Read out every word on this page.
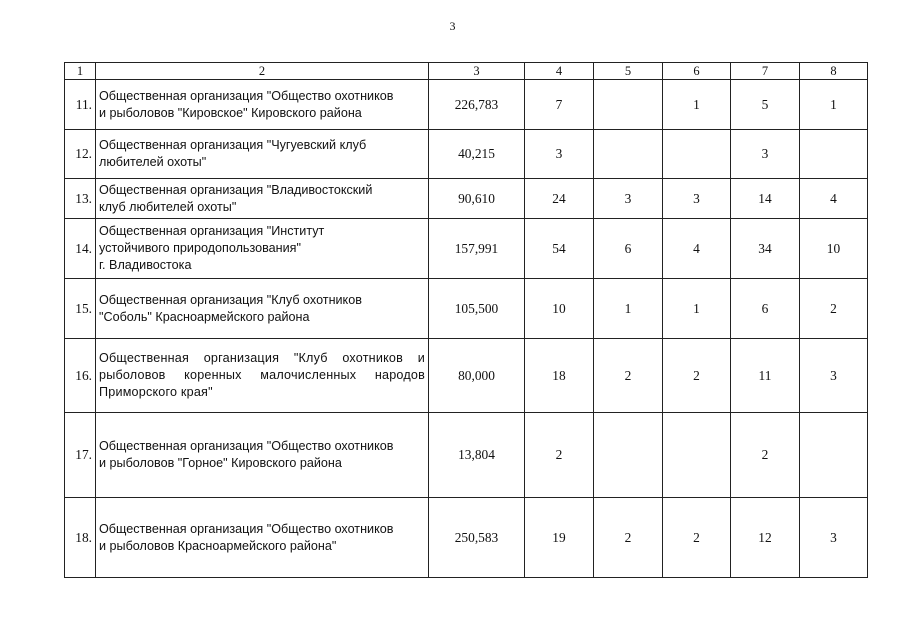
3
1	2	3	4	5	6	7	8
11.	Общественная организация "Общество охотников
и рыболовов "Кировское" Кировского района	226,783	7		1	5	1
12.	Общественная организация "Чугуевский клуб
любителей охоты"	40,215	3			3	
13.	Общественная организация "Владивостокский
клуб любителей охоты"	90,610	24	3	3	14	4
14.	Общественная организация "Институт
устойчивого природопользования"
г. Владивостока	157,991	54	6	4	34	10
15.	Общественная организация "Клуб охотников
"Соболь" Красноармейского района	105,500	10	1	1	6	2
16.	Общественная организация "Клуб охотников и
рыболовов коренных малочисленных народов
Приморского края"	80,000	18	2	2	11	3
17.	Общественная организация "Общество охотников
и рыболовов "Горное" Кировского района	13,804	2			2	
18.	Общественная организация "Общество охотников
и рыболовов Красноармейского района"	250,583	19	2	2	12	3
